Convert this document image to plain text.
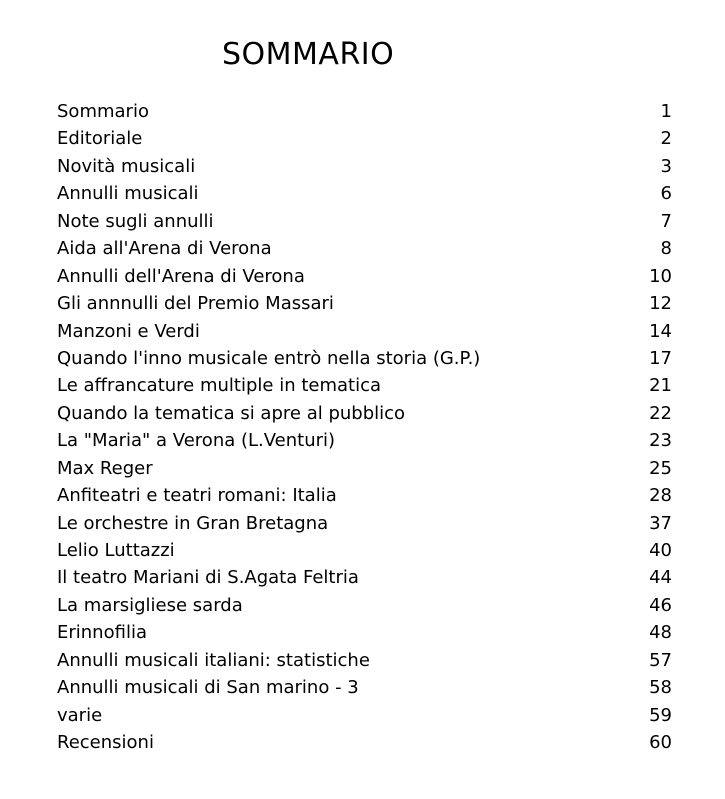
SOMMARIO
Sommario	1
Editoriale	2
Novità musicali	3
Annulli musicali	6
Note sugli annulli	7
Aida all'Arena di Verona	8
Annulli dell'Arena di Verona	10
Gli annnulli del Premio Massari	12
Manzoni e Verdi	14
Quando l'inno musicale entrò nella storia (G.P.)	17
Le affrancature multiple in tematica	21
Quando la tematica si apre al pubblico	22
La "Maria" a Verona (L.Venturi)	23
Max Reger	25
Anfiteatri e teatri romani: Italia	28
Le orchestre in Gran Bretagna	37
Lelio Luttazzi	40
Il teatro Mariani di S.Agata Feltria	44
La marsigliese sarda	46
Erinnofilia	48
Annulli musicali italiani: statistiche	57
Annulli musicali di San marino - 3	58
varie	59
Recensioni	60
